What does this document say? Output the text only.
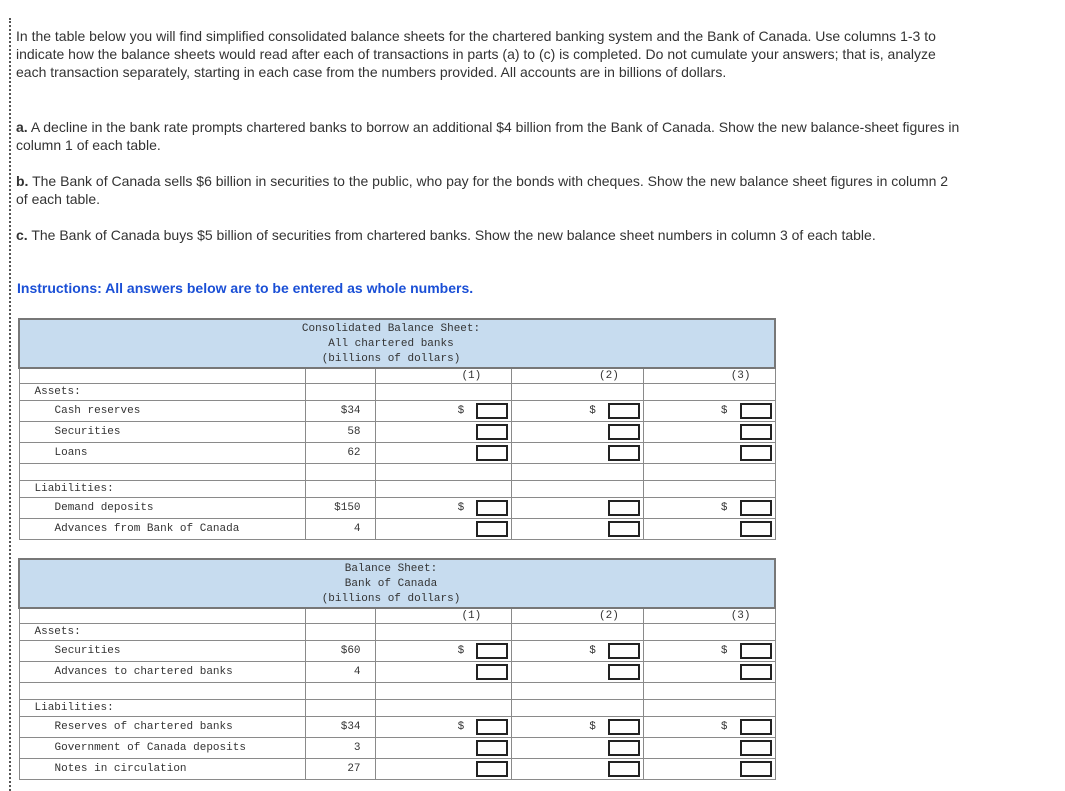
In the table below you will find simplified consolidated balance sheets for the chartered banking system and the Bank of Canada. Use columns 1-3 to indicate how the balance sheets would read after each of transactions in parts (a) to (c) is completed. Do not cumulate your answers; that is, analyze each transaction separately, starting in each case from the numbers provided. All accounts are in billions of dollars.
a. A decline in the bank rate prompts chartered banks to borrow an additional $4 billion from the Bank of Canada. Show the new balance-sheet figures in column 1 of each table.
b. The Bank of Canada sells $6 billion in securities to the public, who pay for the bonds with cheques. Show the new balance sheet figures in column 2 of each table.
c. The Bank of Canada buys $5 billion of securities from chartered banks. Show the new balance sheet numbers in column 3 of each table.
Instructions: All answers below are to be entered as whole numbers.
Consolidated Balance Sheet:
All chartered banks
(billions of dollars)				

		(1)	(2)	(3)
Assets:				
Cash reserves	$34	$	$	$

Securities	58	

Loans	62	

Liabilities:				
Demand deposits	$150	$		$

Advances from Bank of Canada	4	

Balance Sheet:
Bank of Canada
(billions of dollars)				

		(1)	(2)	(3)
Assets:				
Securities	$60	$	$	$

Advances to chartered banks	4	

Liabilities:				
Reserves of chartered banks	$34	$	$	$

Government of Canada deposits	3	

Notes in circulation	27	
